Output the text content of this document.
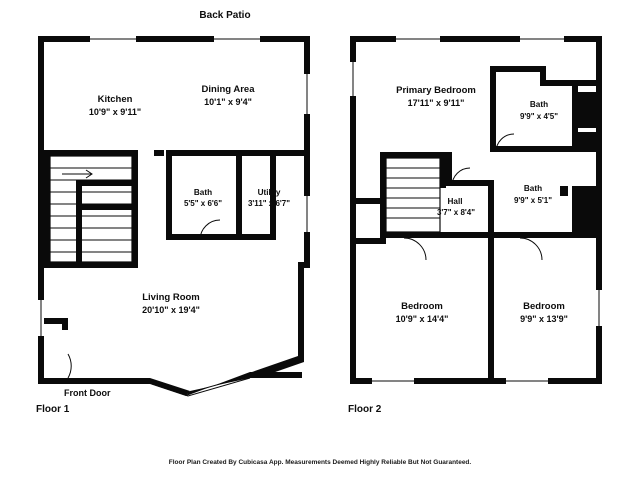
Back Patio
Kitchen
10'9" x 9'11"
Dining Area
10'1" x 9'4"
Bath
5'5" x 6'6"
Utility
3'11" x 6'7"
Living Room
20'10" x 19'4"
Front Door
Floor 1
Primary Bedroom
17'11" x 9'11"	Bath
9'9" x 4'5"
Bath
9'9" x 5'1"
Hall
3'7" x 8'4"
Bedroom
10'9" x 14'4"
Bedroom
9'9" x 13'9"
Floor 2
Floor Plan Created By Cubicasa App. Measurements Deemed Highly Reliable But Not Guaranteed.
